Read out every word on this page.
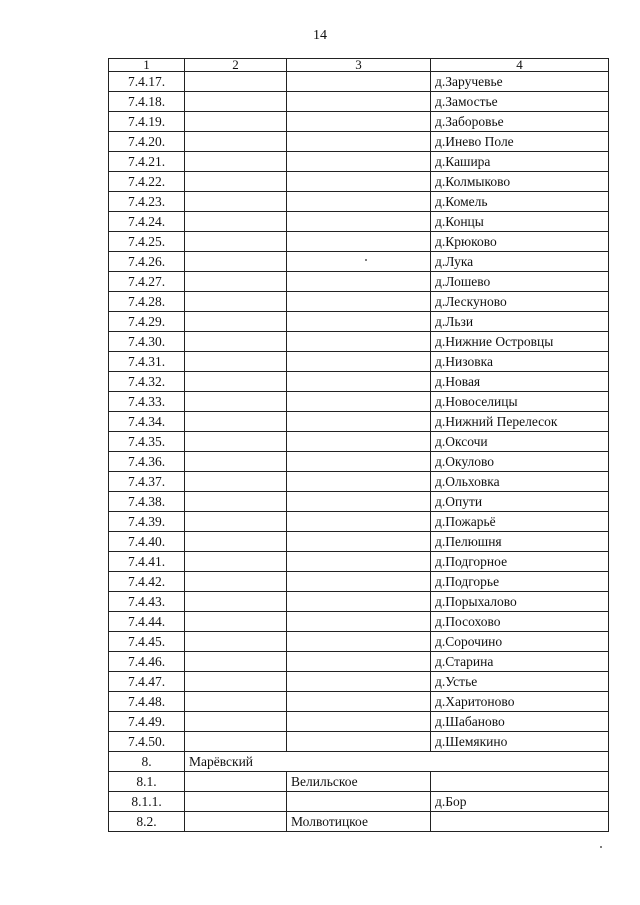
14
1	2	3	4
7.4.17.			д.Заручевье
7.4.18.			д.Замостье
7.4.19.			д.Заборовье
7.4.20.			д.Инево Поле
7.4.21.			д.Кашира
7.4.22.			д.Колмыково
7.4.23.			д.Комель
7.4.24.			д.Концы
7.4.25.			д.Крюково
7.4.26.			д.Лука
7.4.27.			д.Лошево
7.4.28.			д.Лескуново
7.4.29.			д.Льзи
7.4.30.			д.Нижние Островцы
7.4.31.			д.Низовка
7.4.32.			д.Новая
7.4.33.			д.Новоселицы
7.4.34.			д.Нижний Перелесок
7.4.35.			д.Оксочи
7.4.36.			д.Окулово
7.4.37.			д.Ольховка
7.4.38.			д.Опути
7.4.39.			д.Пожарьё
7.4.40.			д.Пелюшня
7.4.41.			д.Подгорное
7.4.42.			д.Подгорье
7.4.43.			д.Порыхалово
7.4.44.			д.Посохово
7.4.45.			д.Сорочино
7.4.46.			д.Старина
7.4.47.			д.Устье
7.4.48.			д.Харитоново
7.4.49.			д.Шабаново
7.4.50.			д.Шемякино
8.	Марёвский		
8.1.		Велильское	
8.1.1.			д.Бор
8.2.		Молвотицкое	
